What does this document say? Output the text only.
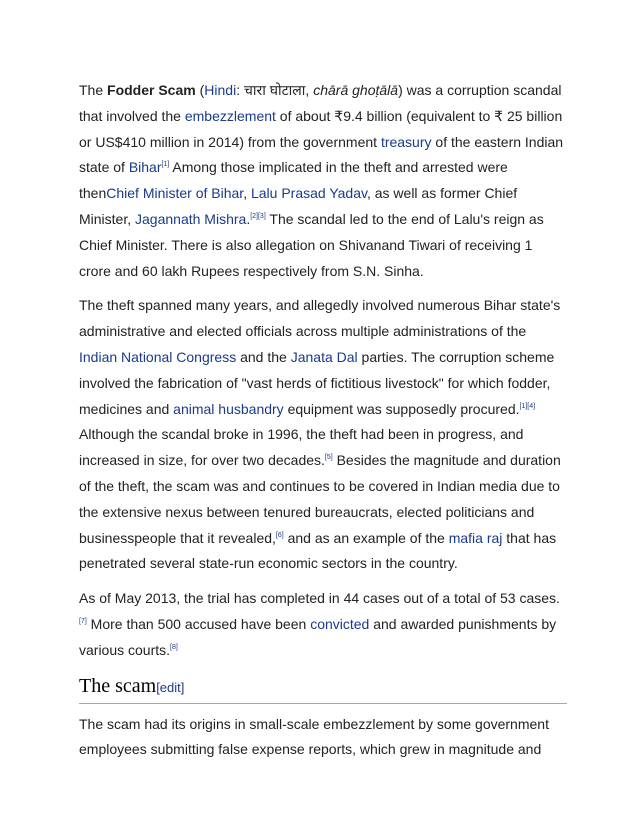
The Fodder Scam (Hindi: चारा घोटाला, chārā ghoṭālā) was a corruption scandal that involved the embezzlement of about ₹9.4 billion (equivalent to ₹ 25 billion or US$410 million in 2014) from the government treasury of the eastern Indian state of Bihar[1] Among those implicated in the theft and arrested were thenChief Minister of Bihar, Lalu Prasad Yadav, as well as former Chief Minister, Jagannath Mishra.[2][3] The scandal led to the end of Lalu's reign as Chief Minister. There is also allegation on Shivanand Tiwari of receiving 1 crore and 60 lakh Rupees respectively from S.N. Sinha.

The theft spanned many years, and allegedly involved numerous Bihar state's administrative and elected officials across multiple administrations of the Indian National Congress and the Janata Dal parties. The corruption scheme involved the fabrication of "vast herds of fictitious livestock" for which fodder, medicines and animal husbandry equipment was supposedly procured.[1][4] Although the scandal broke in 1996, the theft had been in progress, and increased in size, for over two decades.[5] Besides the magnitude and duration of the theft, the scam was and continues to be covered in Indian media due to the extensive nexus between tenured bureaucrats, elected politicians and businesspeople that it revealed,[6] and as an example of the mafia raj that has penetrated several state-run economic sectors in the country.

As of May 2013, the trial has completed in 44 cases out of a total of 53 cases.[7] More than 500 accused have been convicted and awarded punishments by various courts.[8]

The scam[edit]

The scam had its origins in small-scale embezzlement by some government employees submitting false expense reports, which grew in magnitude and
